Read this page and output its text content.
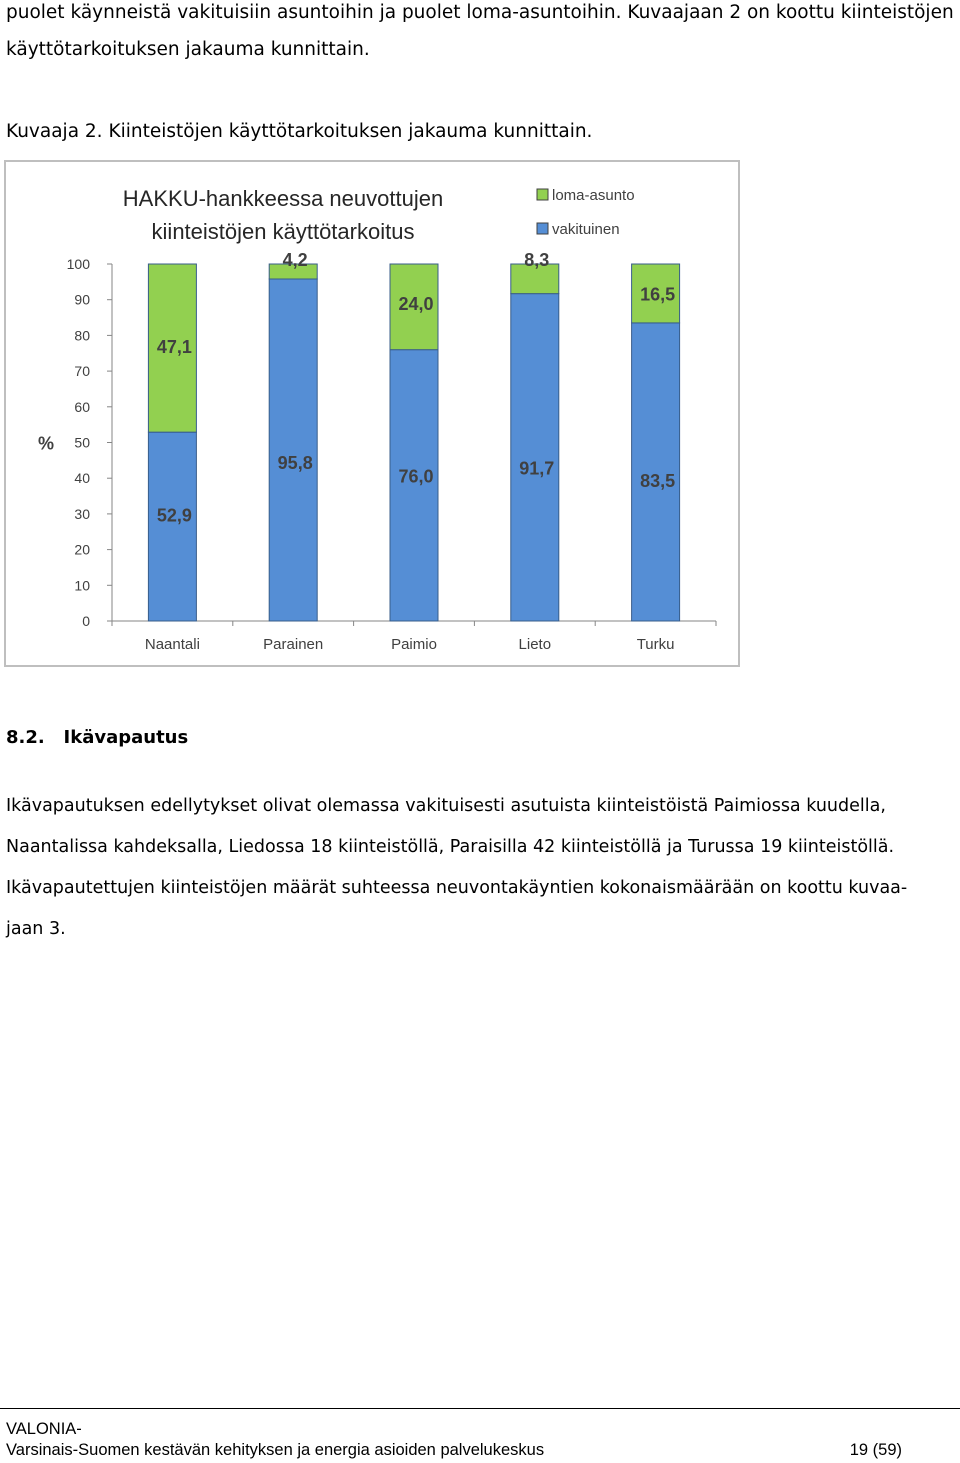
puolet käynneistä vakituisiin asuntoihin ja puolet loma-asuntoihin. Kuvaajaan 2 on koottu kiinteistöjen
käyttötarkoituksen jakauma kunnittain.
Kuvaaja 2. Kiinteistöjen käyttötarkoituksen jakauma kunnittain.
0
10
20
30
40
50
60
70
80
90
100
%
52,9
47,1
Naantali
95,8
4,2
Parainen
76,0
24,0
Paimio
91,7
8,3
Lieto
83,5
16,5
Turku
HAKKU-hankkeessa neuvottujen
kiinteistöjen käyttötarkoitus
loma-asunto
vakituinen
8.2.   Ikävapautus
Ikävapautuksen edellytykset olivat olemassa vakituisesti asutuista kiinteistöistä Paimiossa kuudella,
Naantalissa kahdeksalla, Liedossa 18 kiinteistöllä, Paraisilla 42 kiinteistöllä ja Turussa 19 kiinteistöllä.
Ikävapautettujen kiinteistöjen määrät suhteessa neuvontakäyntien kokonaismäärään on koottu kuvaa-
jaan 3.
VALONIA-
Varsinais-Suomen kestävän kehityksen ja energia asioiden palvelukeskus	19 (59)
